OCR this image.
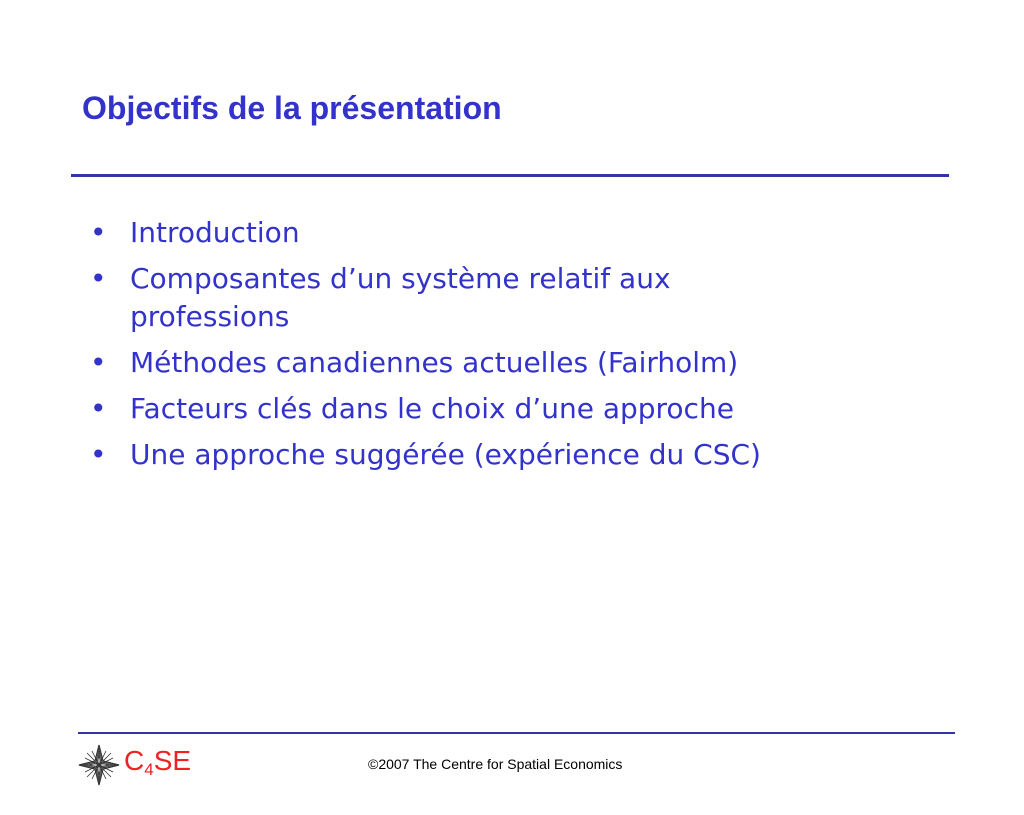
Objectifs de la présentation
• Introduction
• Composantes d’un système relatif aux professions
• Méthodes canadiennes actuelles (Fairholm)
• Facteurs clés dans le choix d’une approche
• Une approche suggérée (expérience du CSC)
$C_4SE$	©2007 The Centre for Spatial Economics
